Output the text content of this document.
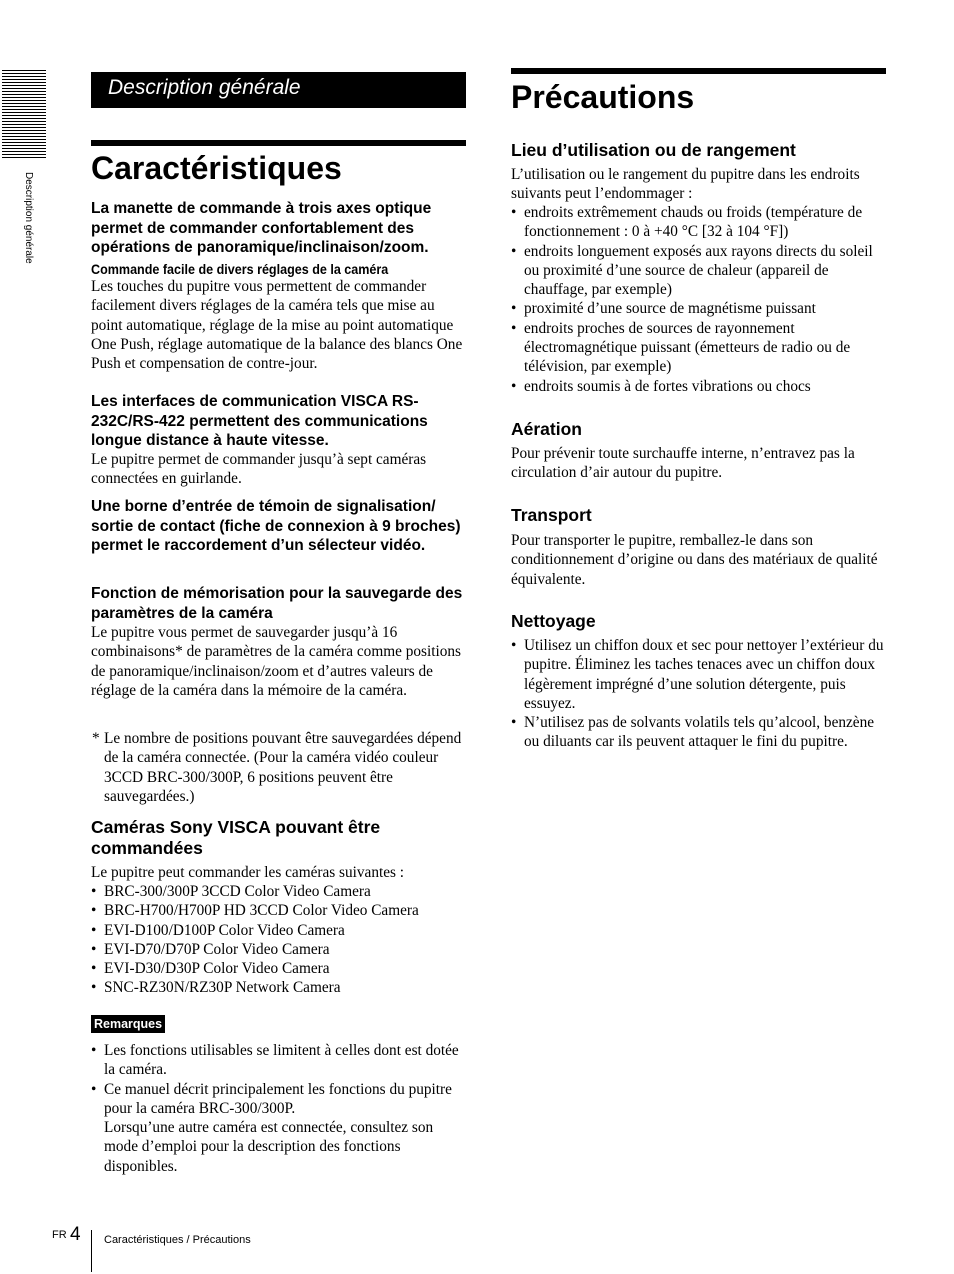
Description générale
Description générale
Caractéristiques
La manette de commande à trois axes optique permet de commander confortablement des opérations de panoramique/inclinaison/zoom.
Commande facile de divers réglages de la caméra

Les touches du pupitre vous permettent de commander facilement divers réglages de la caméra tels que mise au point automatique, réglage de la mise au point automatique One Push, réglage automatique de la balance des blancs One Push et compensation de contre-jour.

Les interfaces de communication VISCA RS-232C/RS-422 permettent des communications longue distance à haute vitesse.

Le pupitre permet de commander jusqu’à sept caméras connectées en guirlande.

Une borne d’entrée de témoin de signalisation/ sortie de contact (fiche de connexion à 9 broches) permet le raccordement d’un sélecteur vidéo.
Fonction de mémorisation pour la sauvegarde des paramètres de la caméra

Le pupitre vous permet de sauvegarder jusqu’à 16 combinaisons* de paramètres de la caméra comme positions de panoramique/inclinaison/zoom et d’autres valeurs de réglage de la caméra dans la mémoire de la caméra.

* Le nombre de positions pouvant être sauvegardées dépend de la caméra connectée. (Pour la caméra vidéo couleur 3CCD BRC-300/300P, 6 positions peuvent être sauvegardées.)
Caméras Sony VISCA pouvant être commandées

Le pupitre peut commander les caméras suivantes :

• BRC-300/300P 3CCD Color Video Camera
• BRC-H700/H700P HD 3CCD Color Video Camera
• EVI-D100/D100P Color Video Camera
• EVI-D70/D70P Color Video Camera
• EVI-D30/D30P Color Video Camera
• SNC-RZ30N/RZ30P Network Camera
Remarques
• Les fonctions utilisables se limitent à celles dont est dotée la caméra.
• Ce manuel décrit principalement les fonctions du pupitre pour la caméra BRC-300/300P.

Lorsqu’une autre caméra est connectée, consultez son mode d’emploi pour la description des fonctions disponibles.

Précautions
Lieu d’utilisation ou de rangement

L’utilisation ou le rangement du pupitre dans les endroits suivants peut l’endommager :

• endroits extrêmement chauds ou froids (température de fonctionnement : 0 à +40 °C [32 à 104 °F])
• endroits longuement exposés aux rayons directs du soleil ou proximité d’une source de chaleur (appareil de chauffage, par exemple)
• proximité d’une source de magnétisme puissant
• endroits proches de sources de rayonnement électromagnétique puissant (émetteurs de radio ou de télévision, par exemple)
• endroits soumis à de fortes vibrations ou chocs
Aération

Pour prévenir toute surchauffe interne, n’entravez pas la circulation d’air autour du pupitre.

Transport

Pour transporter le pupitre, remballez-le dans son conditionnement d’origine ou dans des matériaux de qualité équivalente.

Nettoyage
• Utilisez un chiffon doux et sec pour nettoyer l’extérieur du pupitre. Éliminez les taches tenaces avec un chiffon doux légèrement imprégné d’une solution détergente, puis essuyez.
• N’utilisez pas de solvants volatils tels qu’alcool, benzène ou diluants car ils peuvent attaquer le fini du pupitre.
FR 4 Caractéristiques / Précautions
